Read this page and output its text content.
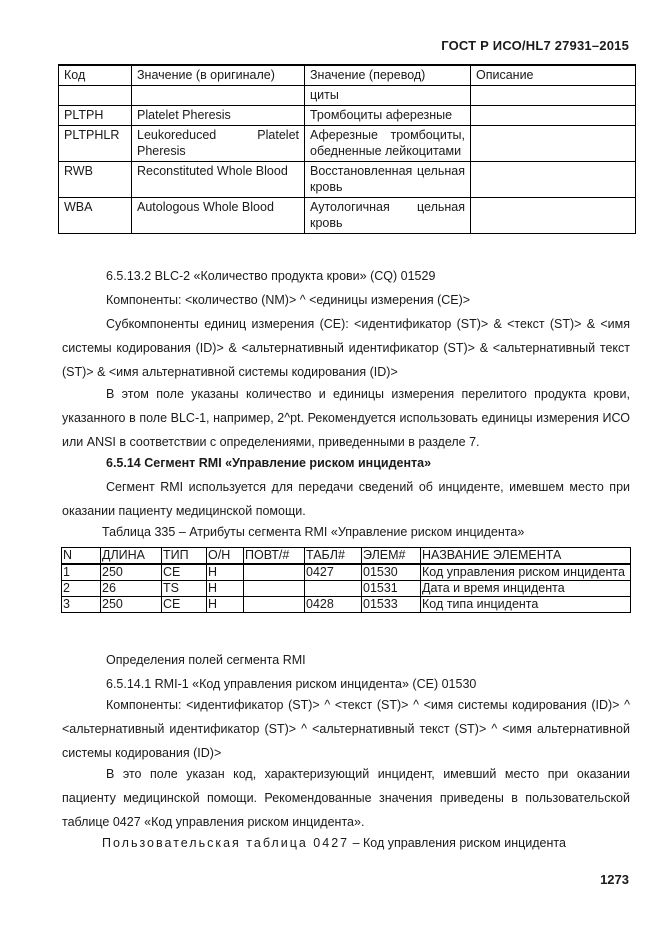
ГОСТ Р ИСО/HL7 27931–2015
Код	Значение (в оригинале)	Значение (перевод)	Описание
		циты	
PLTPH	Platelet Pheresis	Тромбоциты аферезные	
PLTPHLR	Leukoreduced Platelet Pheresis	Аферезные тромбоциты, обедненные лейкоцитами	
RWB	Reconstituted Whole Blood	Восстановленная цельная кровь	
WBA	Autologous Whole Blood	Аутологичная цельная кровь	

6.5.13.2 BLC-2 «Количество продукта крови» (CQ) 01529

Компоненты: <количество (NM)> ^ <единицы измерения (CE)>

Субкомпоненты единиц измерения (CE): <идентификатор (ST)> & <текст (ST)> & <имя системы кодирования (ID)> & <альтернативный идентификатор (ST)> & <альтернативный текст (ST)> & <имя альтернативной системы кодирования (ID)>

В этом поле указаны количество и единицы измерения перелитого продукта крови, указанного в поле BLC-1, например, 2^pt. Рекомендуется использовать единицы измерения ИСО или ANSI в соответствии с определениями, приведенными в разделе 7.

6.5.14 Сегмент RMI «Управление риском инцидента»

Сегмент RMI используется для передачи сведений об инциденте, имевшем место при оказании пациенту медицинской помощи.

Таблица 335 – Атрибуты сегмента RMI «Управление риском инцидента»

N	ДЛИНА	ТИП	О/Н	ПОВТ/#	ТАБЛ#	ЭЛЕМ#	НАЗВАНИЕ ЭЛЕМЕНТА
1	250	CE	Н		0427	01530	Код управления риском инцидента
2	26	TS	Н			01531	Дата и время инцидента
3	250	CE	Н		0428	01533	Код типа инцидента

Определения полей сегмента RMI

6.5.14.1 RMI-1 «Код управления риском инцидента» (CE) 01530

Компоненты: <идентификатор (ST)> ^ <текст (ST)> ^ <имя системы кодирования (ID)> ^ <альтернативный идентификатор (ST)> ^ <альтернативный текст (ST)> ^ <имя альтернативной системы кодирования (ID)>

В это поле указан код, характеризующий инцидент, имевший место при оказании пациенту медицинской помощи. Рекомендованные значения приведены в пользовательской таблице 0427 «Код управления риском инцидента».

Пользовательская таблица 0427 – Код управления риском инцидента

1273
